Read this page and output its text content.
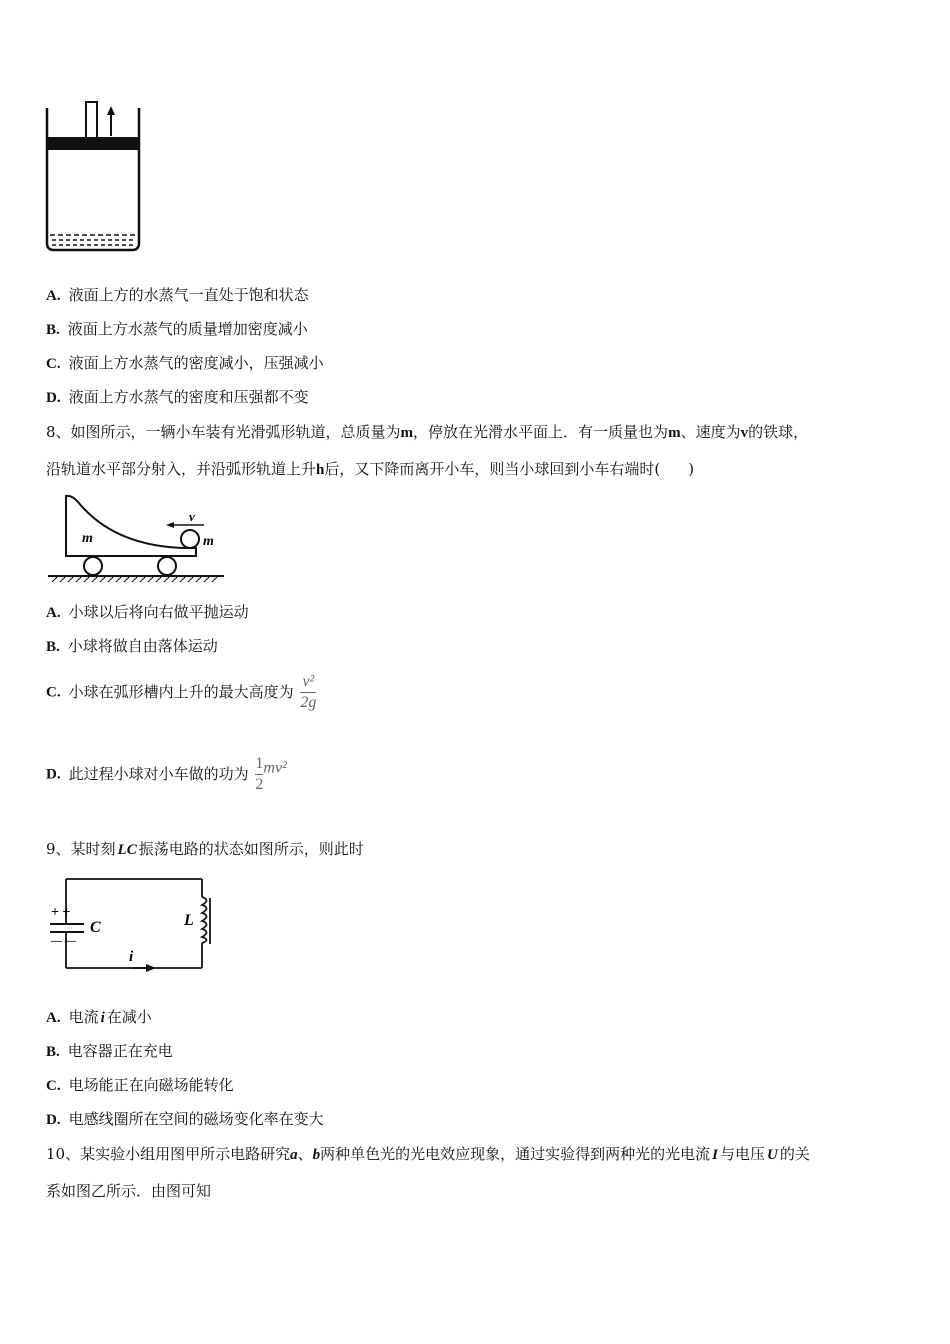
A. 液面上方的水蒸气一直处于饱和状态
B. 液面上方水蒸气的质量增加密度减小
C. 液面上方水蒸气的密度减小，压强减小
D. 液面上方水蒸气的密度和压强都不变
8、如图所示，一辆小车装有光滑弧形轨道，总质量为m，停放在光滑水平面上．有一质量也为m、速度为v的铁球，
沿轨道水平部分射入，并沿弧形轨道上升h后，又下降而离开小车，则当小球回到小车右端时( )
v
m	m
A. 小球以后将向右做平抛运动
B. 小球将做自由落体运动
C. 小球在弧形槽内上升的最大高度为 $\frac{\text{v²}}{2g}$
D. 此过程小球对小车做的功为 $\frac{1}{2} mv^2$
9、某时刻 LC 振荡电路的状态如图所示，则此时
+ +
— —
C	L
i
A. 电流 i 在减小
B. 电容器正在充电
C. 电场能正在向磁场能转化
D. 电感线圈所在空间的磁场变化率在变大
10、某实验小组用图甲所示电路研究a、b两种单色光的光电效应现象，通过实验得到两种光的光电流 I 与电压 U 的关
系如图乙所示．由图可知
